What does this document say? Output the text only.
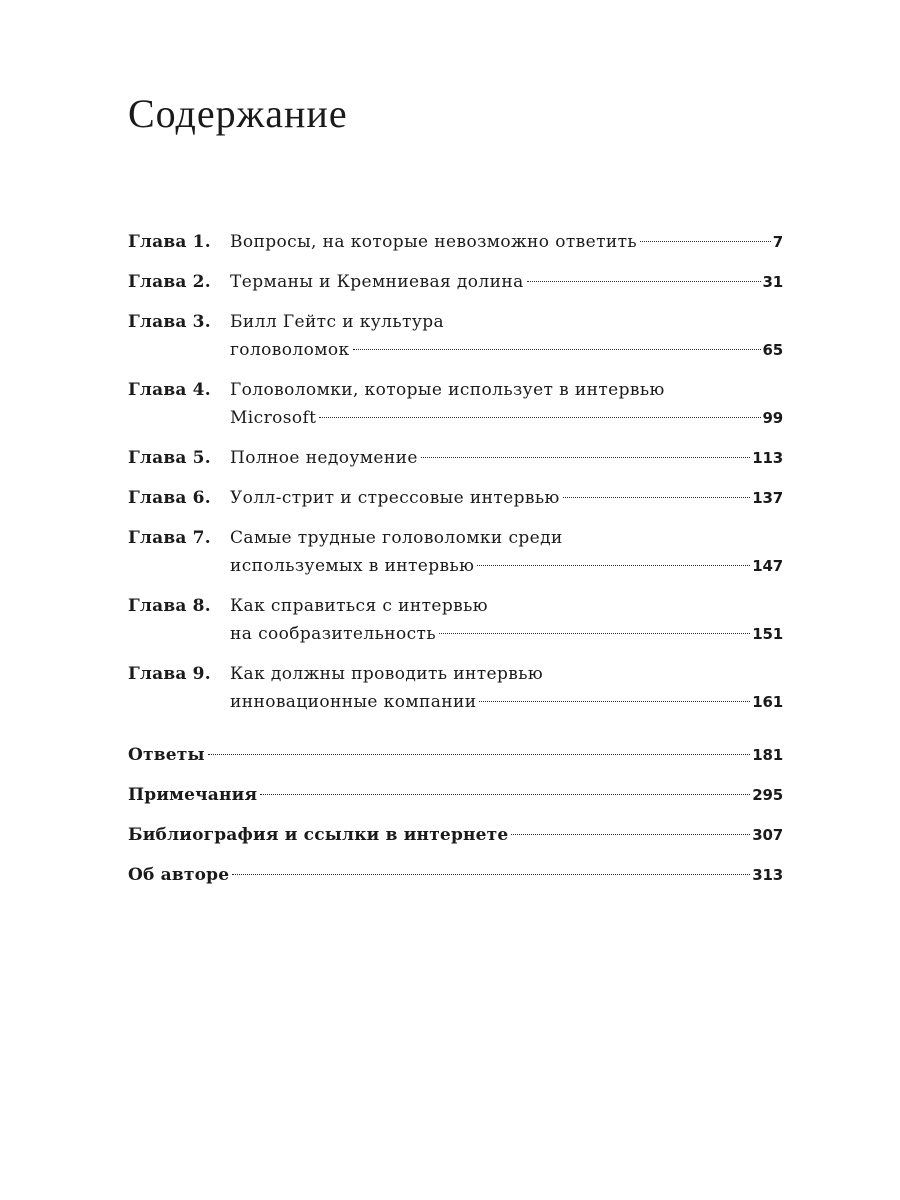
Содержание
Глава 1.	Вопросы, на которые невозможно ответить	7
Глава 2.	Терманы и Кремниевая долина	31
Глава 3.	Билл Гейтс и культура
головоломок	65
Глава 4.	Головоломки, которые использует в интервью
Microsoft	99
Глава 5.	Полное недоумение	113
Глава 6.	Уолл-стрит и стрессовые интервью	137
Глава 7.	Самые трудные головоломки среди
используемых в интервью	147
Глава 8.	Как справиться с интервью
на сообразительность	151
Глава 9.	Как должны проводить интервью
инновационные компании	161
Ответы	181
Примечания	295
Библиография и ссылки в интернете	307
Об авторе	313
